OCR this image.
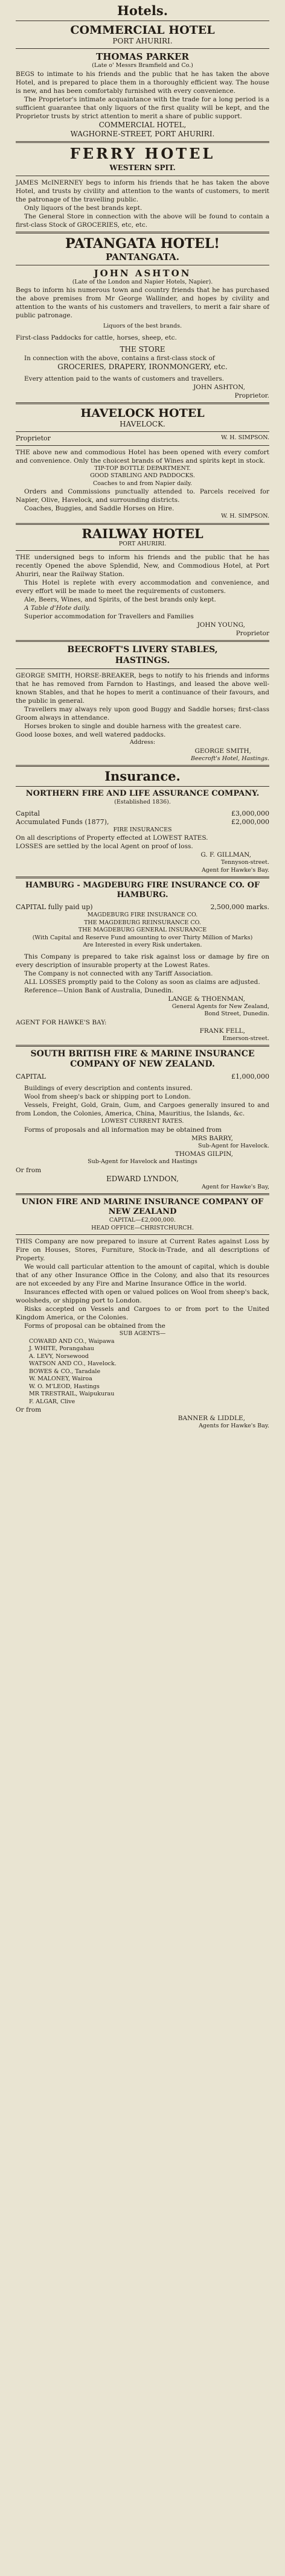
Hotels.
COMMERCIAL HOTEL
PORT AHURIRI.
THOMAS PARKER
(Late o' Messrs Bramfield and Co.)

BEGS to intimate to his friends and the public that he has taken the above Hotel, and is prepared to place them in a thoroughly efficient way. The house is new, and has been comfortably furnished with every convenience.

The Proprietor's intimate acquaintance with the trade for a long period is a sufficient guarantee that only liquors of the first quality will be kept, and the Proprietor trusts by strict attention to merit a share of public support.

COMMERCIAL HOTEL,
WAGHORNE-STREET, PORT AHURIRI.
FERRY HOTEL
WESTERN SPIT.

JAMES McINERNEY begs to inform his friends that he has taken the above Hotel, and trusts by civility and attention to the wants of customers, to merit the patronage of the travelling public.

Only liquors of the best brands kept.

The General Store in connection with the above will be found to contain a first-class Stock of GROCERIES, etc, etc.

PATANGATA HOTEL!
PANTANGATA.
JOHN ASHTON
(Late of the London and Napier Hotels, Napier).

Begs to inform his numerous town and country friends that he has purchased the above premises from Mr George Wallinder, and hopes by civility and attention to the wants of his customers and travellers, to merit a fair share of public patronage.

Liquors of the best brands.

First-class Paddocks for cattle, horses, sheep, etc.

THE STORE

In connection with the above, contains a first-class stock of

GROCERIES, DRAPERY, IRONMONGERY, etc.

Every attention paid to the wants of customers and travellers.

JOHN ASHTON,
Proprietor.
HAVELOCK HOTEL
HAVELOCK.
Proprietor	W. H. SIMPSON.

THE above new and commodious Hotel has been opened with every comfort and convenience. Only the choicest brands of Wines and spirits kept in stock.

TIP-TOP BOTTLE DEPARTMENT.
GOOD STABLING AND PADDOCKS.
Coaches to and from Napier daily.

Orders and Commissions punctually attended to. Parcels received for Napier, Olive, Havelock, and surrounding districts.

Coaches, Buggies, and Saddle Horses on Hire.

W. H. SIMPSON.
RAILWAY HOTEL
PORT AHURIRI.

THE undersigned begs to inform his friends and the public that he has recently Opened the above Splendid, New, and Commodious Hotel, at Port Ahuriri, near the Railway Station.

This Hotel is replete with every accommodation and convenience, and every effort will be made to meet the requirements of customers.

Ale, Beers, Wines, and Spirits, of the best brands only kept.

A Table d'Hote daily.

Superior accommodation for Travellers and Families

JOHN YOUNG,
Proprietor
BEECROFT'S LIVERY STABLES,
HASTINGS.

GEORGE SMITH, HORSE-BREAKER, begs to notify to his friends and informs that he has removed from Farndon to Hastings, and leased the above well-known Stables, and that he hopes to merit a continuance of their favours, and the public in general.

Travellers may always rely upon good Buggy and Saddle horses; first-class Groom always in attendance.

Horses broken to single and double harness with the greatest care.

Good loose boxes, and well watered paddocks.

Address:
GEORGE SMITH,
Beecroft's Hotel, Hastings.
Insurance.
NORTHERN FIRE AND LIFE ASSURANCE COMPANY.
(Established 1836).
Capital	£3,000,000
Accumulated Funds (1877),	£2,000,000
FIRE INSURANCES

On all descriptions of Property effected at LOWEST RATES.

LOSSES are settled by the local Agent on proof of loss.

G. F. GILLMAN,
Tennyson-street.
Agent for Hawke's Bay.
HAMBURG - MAGDEBURG FIRE INSURANCE CO. OF HAMBURG.
CAPITAL fully paid up)	2,500,000 marks.
MAGDEBURG FIRE INSURANCE CO.
THE MAGDEBURG REINSURANCE CO.
THE MAGDEBURG GENERAL INSURANCE
(With Capital and Reserve Fund amounting to over Thirty Million of Marks)
Are Interested in every Risk undertaken.

This Company is prepared to take risk against loss or damage by fire on every description of insurable property at the Lowest Rates.

The Company is not connected with any Tariff Association.

ALL LOSSES promptly paid to the Colony as soon as claims are adjusted.

Reference—Union Bank of Australia, Dunedin.

LANGE & THOENMAN,
General Agents for New Zealand,
Bond Street, Dunedin.
AGENT FOR HAWKE'S BAY:
FRANK FELL,
Emerson-street.
SOUTH BRITISH FIRE & MARINE INSURANCE COMPANY OF NEW ZEALAND.
CAPITAL	£1,000,000

Buildings of every description and contents insured.

Wool from sheep's back or shipping port to London.

Vessels, Freight, Gold, Grain, Gum, and Cargoes generally insured to and from London, the Colonies, America, China, Mauritius, the Islands, &c.

LOWEST CURRENT RATES.

Forms of proposals and all information may be obtained from

MRS BARRY,
Sub-Agent for Havelock.
THOMAS GILPIN,
Sub-Agent for Havelock and Hastings
Or from
EDWARD LYNDON,
Agent for Hawke's Bay,
UNION FIRE AND MARINE INSURANCE COMPANY OF NEW ZEALAND
CAPITAL—£2,000,000.
HEAD OFFICE—CHRISTCHURCH.

THIS Company are now prepared to insure at Current Rates against Loss by Fire on Houses, Stores, Furniture, Stock-in-Trade, and all descriptions of Property.

We would call particular attention to the amount of capital, which is double that of any other Insurance Office in the Colony, and also that its resources are not exceeded by any Fire and Marine Insurance Office in the world.

Insurances effected with open or valued polices on Wool from sheep's back, woolsheds, or shipping port to London.

Risks accepted on Vessels and Cargoes to or from port to the United Kingdom America, or the Colonies.

Forms of proposal can be obtained from the

SUB AGENTS—
COWARD AND CO., Waipawa
J. WHITE, Porangahau
A. LEVY, Norsewood
WATSON AND CO., Havelock.
BOWES & CO., Taradale
W. MALONEY, Wairoa
W. O. M'LEOD, Hastings
MR TRESTRAIL, Waipukurau
F. ALGAR, Clive
Or from
BANNER & LIDDLE,
Agents for Hawke's Bay.
